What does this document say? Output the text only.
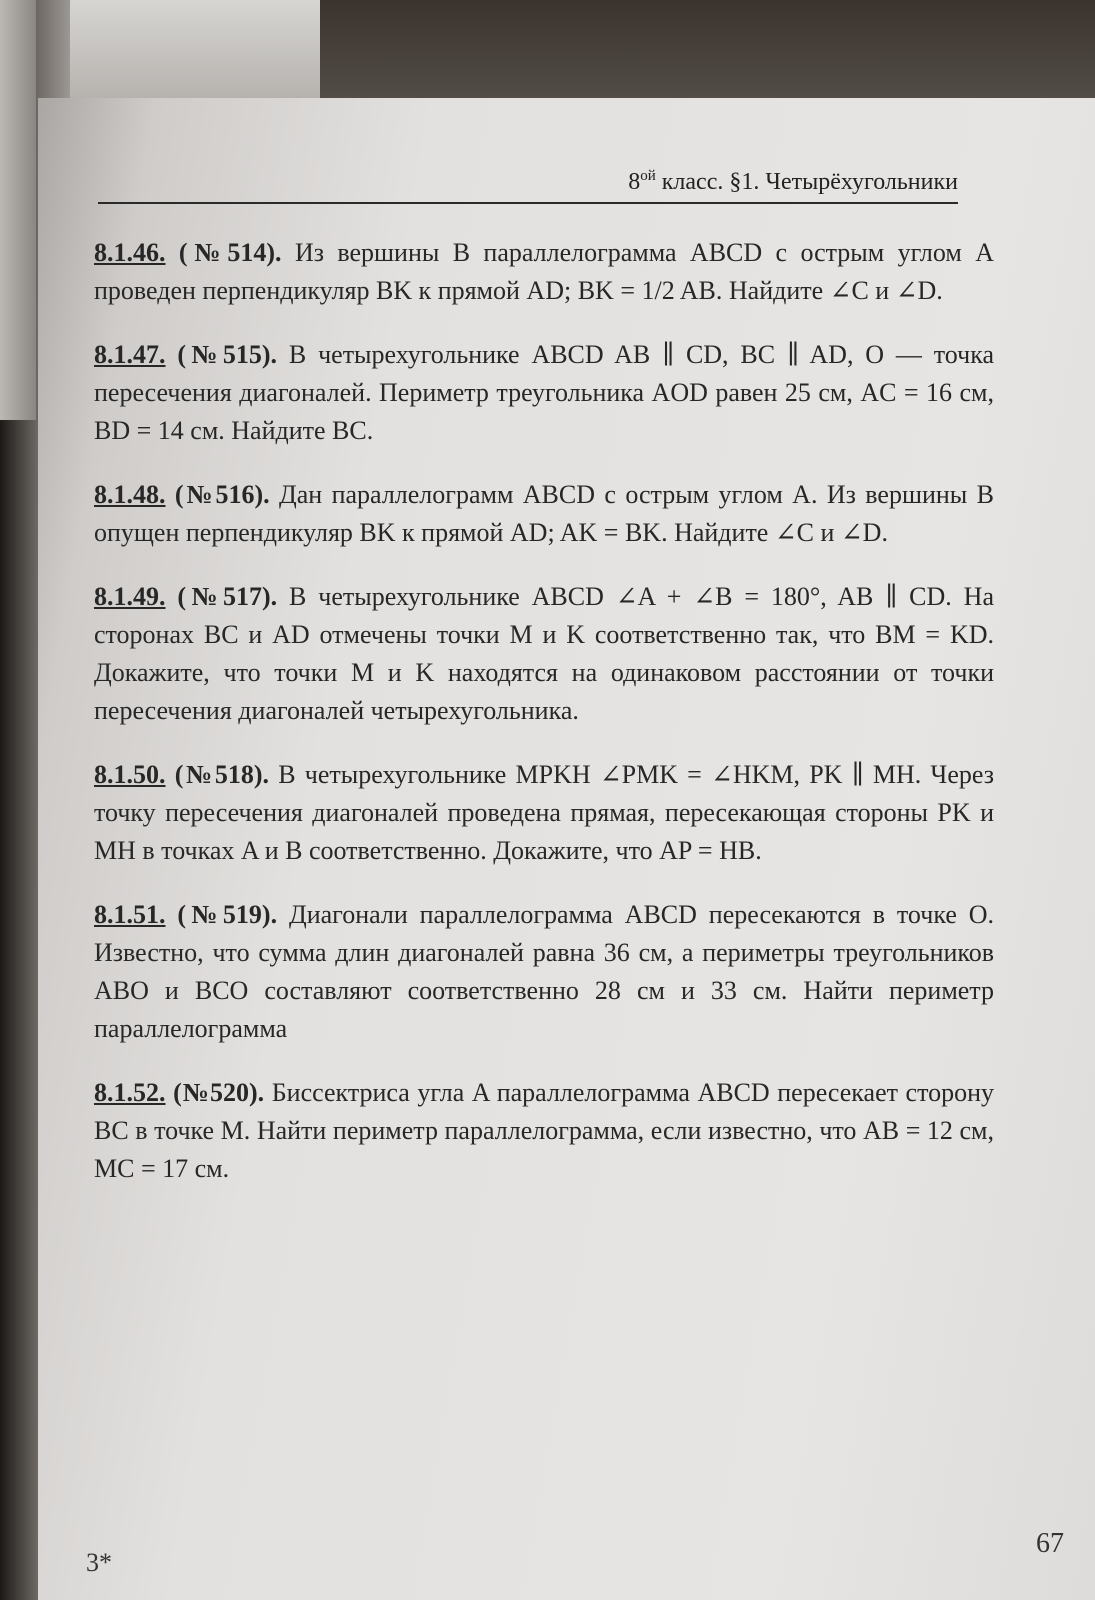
$8^{ой}$ класс. §1. Четырёхугольники

8.1.46. (№514). Из вершины B параллелограмма ABCD с острым углом A проведен перпендикуляр BK к прямой AD; BK = 1/2 AB. Найдите ∠C и ∠D.

8.1.47. (№515). В четырехугольнике ABCD AB ∥ CD, BC ∥ AD, O — точка пересечения диагоналей. Периметр треугольника AOD равен 25 см, AC = 16 см, BD = 14 см. Найдите BC.

8.1.48. (№516). Дан параллелограмм ABCD с острым углом A. Из вершины B опущен перпендикуляр BK к прямой AD; AK = BK. Найдите ∠C и ∠D.

8.1.49. (№517). В четырехугольнике ABCD ∠A + ∠B = 180°, AB ∥ CD. На сторонах BC и AD отмечены точки M и K соответственно так, что BM = KD. Докажите, что точки M и K находятся на одинаковом расстоянии от точки пересечения диагоналей четырехугольника.

8.1.50. (№518). В четырехугольнике MPKH ∠PMK = ∠HKM, PK ∥ MH. Через точку пересечения диагоналей проведена прямая, пересекающая стороны PK и MH в точках A и B соответственно. Докажите, что AP = HB.

8.1.51. (№519). Диагонали параллелограмма ABCD пересекаются в точке O. Известно, что сумма длин диагоналей равна 36 см, а периметры треугольников ABO и BCO составляют соответственно 28 см и 33 см. Найти периметр параллелограмма

8.1.52. (№520). Биссектриса угла A параллелограмма ABCD пересекает сторону BC в точке M. Найти периметр параллелограмма, если известно, что AB = 12 см, MC = 17 см.

3*
67
